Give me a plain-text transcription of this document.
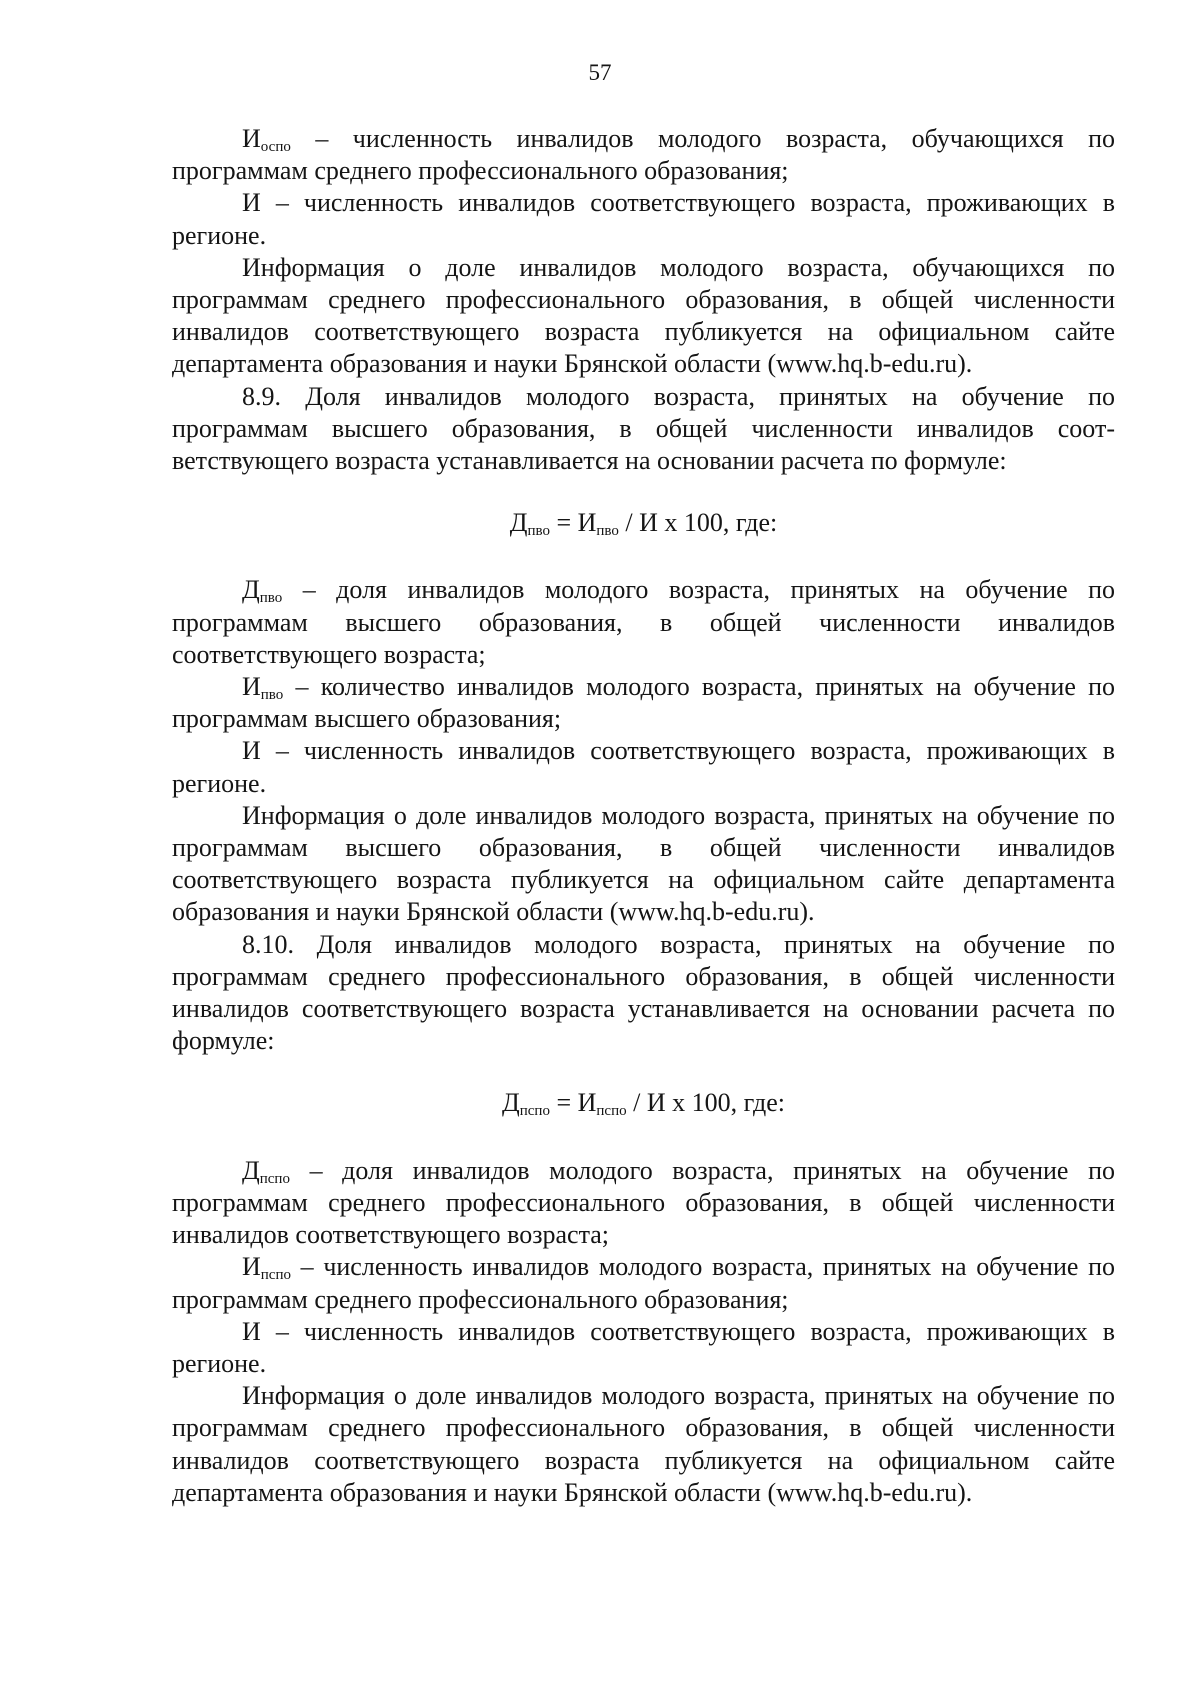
57

$И_{оспо}$ – численность инвалидов молодого возраста, обучающихся по программам среднего профессионального образования;

И – численность инвалидов соответствующего возраста, проживающих в регионе.

Информация о доле инвалидов молодого возраста, обучающихся по программам среднего профессионального образования, в общей численности инвалидов соответствующего возраста публикуется на официальном сайте департамента образования и науки Брянской области (www.hq.b-edu.ru).

8.9. Доля инвалидов молодого возраста, принятых на обучение по программам высшего образования, в общей численности инвалидов соответствующего возраста устанавливается на основании расчета по формуле:

$Д_{пво} = И_{пво} / И$ х 100, где:

$Д_{пво}$ – доля инвалидов молодого возраста, принятых на обучение по программам высшего образования, в общей численности инвалидов соответствующего возраста;

$И_{пво}$ – количество инвалидов молодого возраста, принятых на обучение по программам высшего образования;

И – численность инвалидов соответствующего возраста, проживающих в регионе.

Информация о доле инвалидов молодого возраста, принятых на обучение по программам высшего образования, в общей численности инвалидов соответствующего возраста публикуется на официальном сайте департамента образования и науки Брянской области (www.hq.b-edu.ru).

8.10. Доля инвалидов молодого возраста, принятых на обучение по программам среднего профессионального образования, в общей численности инвалидов соответствующего возраста устанавливается на основании расчета по формуле:

$Д_{пспо} = И_{пспо} / И$ х 100, где:

$Д_{пспо}$ – доля инвалидов молодого возраста, принятых на обучение по программам среднего профессионального образования, в общей численности инвалидов соответствующего возраста;

$И_{пспо}$ – численность инвалидов молодого возраста, принятых на обучение по программам среднего профессионального образования;

И – численность инвалидов соответствующего возраста, проживающих в регионе.

Информация о доле инвалидов молодого возраста, принятых на обучение по программам среднего профессионального образования, в общей численности инвалидов соответствующего возраста публикуется на официальном сайте департамента образования и науки Брянской области (www.hq.b-edu.ru).
